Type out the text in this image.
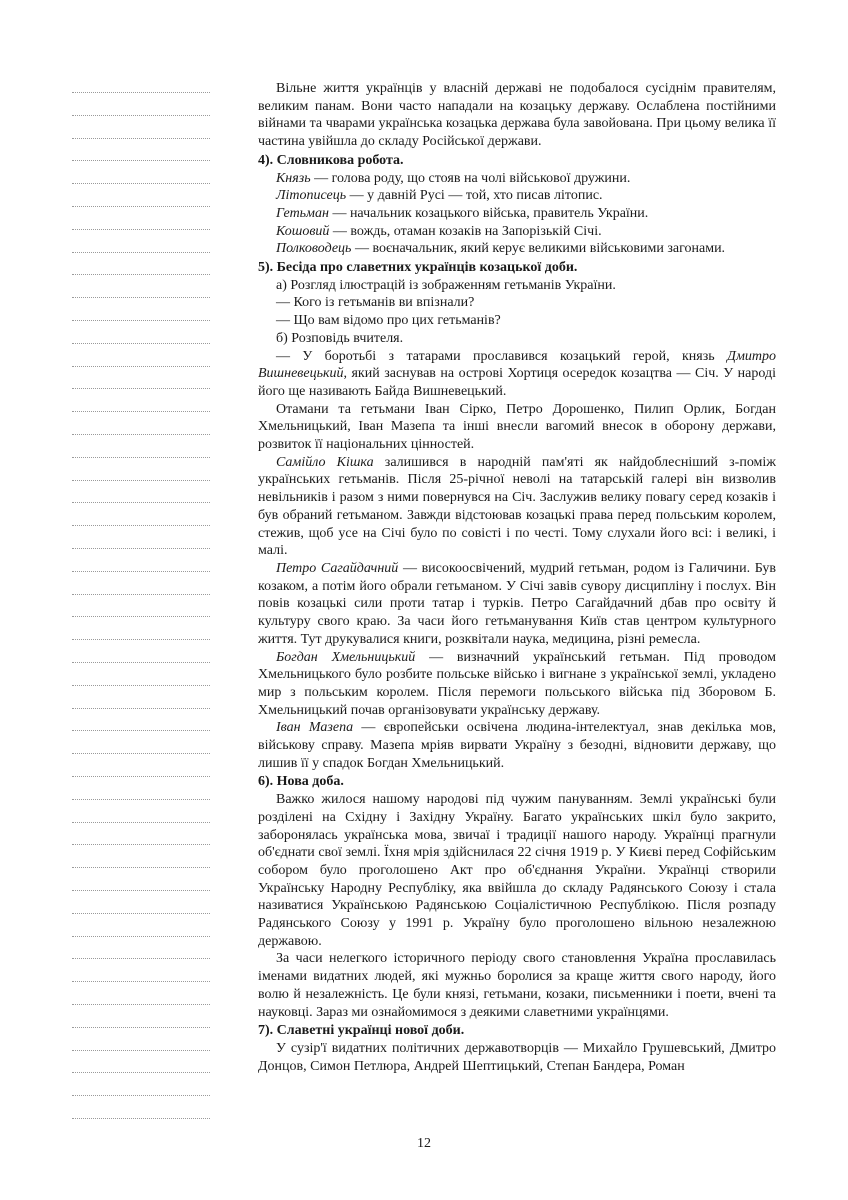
Вільне життя українців у власній державі не подобалося сусіднім правителям, великим панам. Вони часто нападали на козацьку державу. Ослаблена постійними війнами та чварами українська козацька держава була завойована. При цьому велика її частина увійшла до складу Російської держави.

4). Словникова робота.

Князь — голова роду, що стояв на чолі військової дружини.

Літописець — у давній Русі — той, хто писав літопис.

Гетьман — начальник козацького війська, правитель України.

Кошовий — вождь, отаман козаків на Запорізькій Січі.

Полководець — воєначальник, який керує великими військовими загонами.

5). Бесіда про славетних українців козацької доби.

а) Розгляд ілюстрацій із зображенням гетьманів України.

— Кого із гетьманів ви впізнали?

— Що вам відомо про цих гетьманів?

б) Розповідь вчителя.

— У боротьбі з татарами прославився козацький герой, князь Дмитро Вишневецький, який заснував на острові Хортиця осередок козацтва — Січ. У народі його ще називають Байда Вишневецький.

Отамани та гетьмани Іван Сірко, Петро Дорошенко, Пилип Орлик, Богдан Хмельницький, Іван Мазепа та інші внесли вагомий внесок в оборону держави, розвиток її національних цінностей.

Самійло Кішка залишився в народній пам'яті як найдоблесніший з-поміж українських гетьманів. Після 25-річної неволі на татарській галері він визволив невільників і разом з ними повернувся на Січ. Заслужив велику повагу серед козаків і був обраний гетьманом. Завжди відстоював козацькі права перед польським королем, стежив, щоб усе на Січі було по совісті і по честі. Тому слухали його всі: і великі, і малі.

Петро Сагайдачний — високоосвічений, мудрий гетьман, родом із Галичини. Був козаком, а потім його обрали гетьманом. У Січі завів сувору дисципліну і послух. Він повів козацькі сили проти татар і турків. Петро Сагайдачний дбав про освіту й культуру свого краю. За часи його гетьманування Київ став центром культурного життя. Тут друкувалися книги, розквітали наука, медицина, різні ремесла.

Богдан Хмельницький — визначний український гетьман. Під проводом Хмельницького було розбите польське військо і вигнане з української землі, укладено мир з польським королем. Після перемоги польського війська під Зборовом Б. Хмельницький почав організовувати українську державу.

Іван Мазепа — європейськи освічена людина-інтелектуал, знав декілька мов, військову справу. Мазепа мріяв вирвати Україну з безодні, відновити державу, що лишив її у спадок Богдан Хмельницький.

6). Нова доба.

Важко жилося нашому народові під чужим пануванням. Землі українські були розділені на Східну і Західну Україну. Багато українських шкіл було закрито, заборонялась українська мова, звичаї і традиції нашого народу. Українці прагнули об'єднати свої землі. Їхня мрія здійснилася 22 січня 1919 р. У Києві перед Софійським собором було проголошено Акт про об'єднання України. Українці створили Українську Народну Республіку, яка ввійшла до складу Радянського Союзу і стала називатися Українською Радянською Соціалістичною Республікою. Після розпаду Радянського Союзу у 1991 р. Україну було проголошено вільною незалежною державою.

За часи нелегкого історичного періоду свого становлення Україна прославилась іменами видатних людей, які мужньо боролися за краще життя свого народу, його волю й незалежність. Це були князі, гетьмани, козаки, письменники і поети, вчені та науковці. Зараз ми ознайомимося з деякими славетними українцями.

7). Славетні українці нової доби.

У сузір'ї видатних політичних державотворців — Михайло Грушевський, Дмитро Донцов, Симон Петлюра, Андрей Шептицький, Степан Бандера, Роман

12
